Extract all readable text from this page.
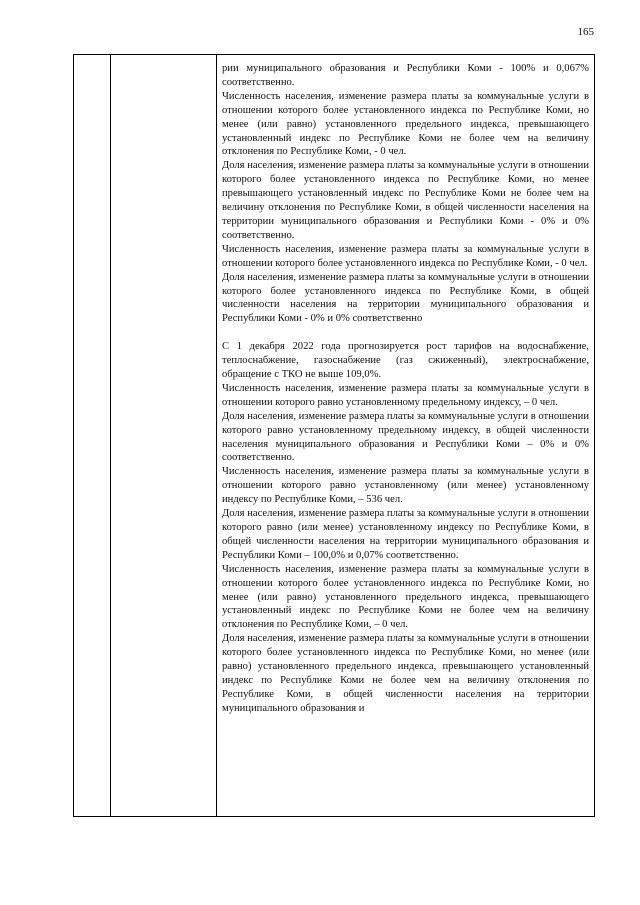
165

рии муниципального образования и Республики Коми - 100% и 0,067% соответственно.

Численность населения, изменение размера платы за коммунальные услуги в отношении которого более установленного индекса по Республике Коми, но менее (или равно) установленного предельного индекса, превышающего установленный индекс по Республике Коми не более чем на величину отклонения по Республике Коми, - 0 чел.

Доля населения, изменение размера платы за коммунальные услуги в отношении которого более установленного индекса по Республике Коми, но менее превышающего установленный индекс по Республике Коми не более чем на величину отклонения по Республике Коми, в общей численности населения на территории муниципального образования и Республики Коми - 0% и 0% соответственно.

Численность населения, изменение размера платы за коммунальные услуги в отношении которого более установленного индекса по Республике Коми, - 0 чел.

Доля населения, изменение размера платы за коммунальные услуги в отношении которого более установленного индекса по Республике Коми, в общей численности населения на территории муниципального образования и Республики Коми - 0% и 0% соответственно

С 1 декабря 2022 года прогнозируется рост тарифов на водоснабжение, теплоснабжение, газоснабжение (газ сжиженный), электроснабжение, обращение с ТКО не выше 109,0%.

Численность населения, изменение размера платы за коммунальные услуги в отношении которого равно установленному предельному индексу, – 0 чел.

Доля населения, изменение размера платы за коммунальные услуги в отношении которого равно установленному предельному индексу, в общей численности населения муниципального образования и Республики Коми – 0% и 0% соответственно.

Численность населения, изменение размера платы за коммунальные услуги в отношении которого равно установленному (или менее) установленному индексу по Республике Коми, – 536 чел.

Доля населения, изменение размера платы за коммунальные услуги в отношении которого равно (или менее) установленному индексу по Республике Коми, в общей численности населения на территории муниципального образования и Республики Коми – 100,0% и 0,07% соответственно.

Численность населения, изменение размера платы за коммунальные услуги в отношении которого более установленного индекса по Республике Коми, но менее (или равно) установленного предельного индекса, превышающего установленный индекс по Республике Коми не более чем на величину отклонения по Республике Коми, – 0 чел.

Доля населения, изменение размера платы за коммунальные услуги в отношении которого более установленного индекса по Республике Коми, но менее (или равно) установленного предельного индекса, превышающего установленный индекс по Республике Коми не более чем на величину отклонения по Республике Коми, в общей численности населения на территории муниципального образования и
